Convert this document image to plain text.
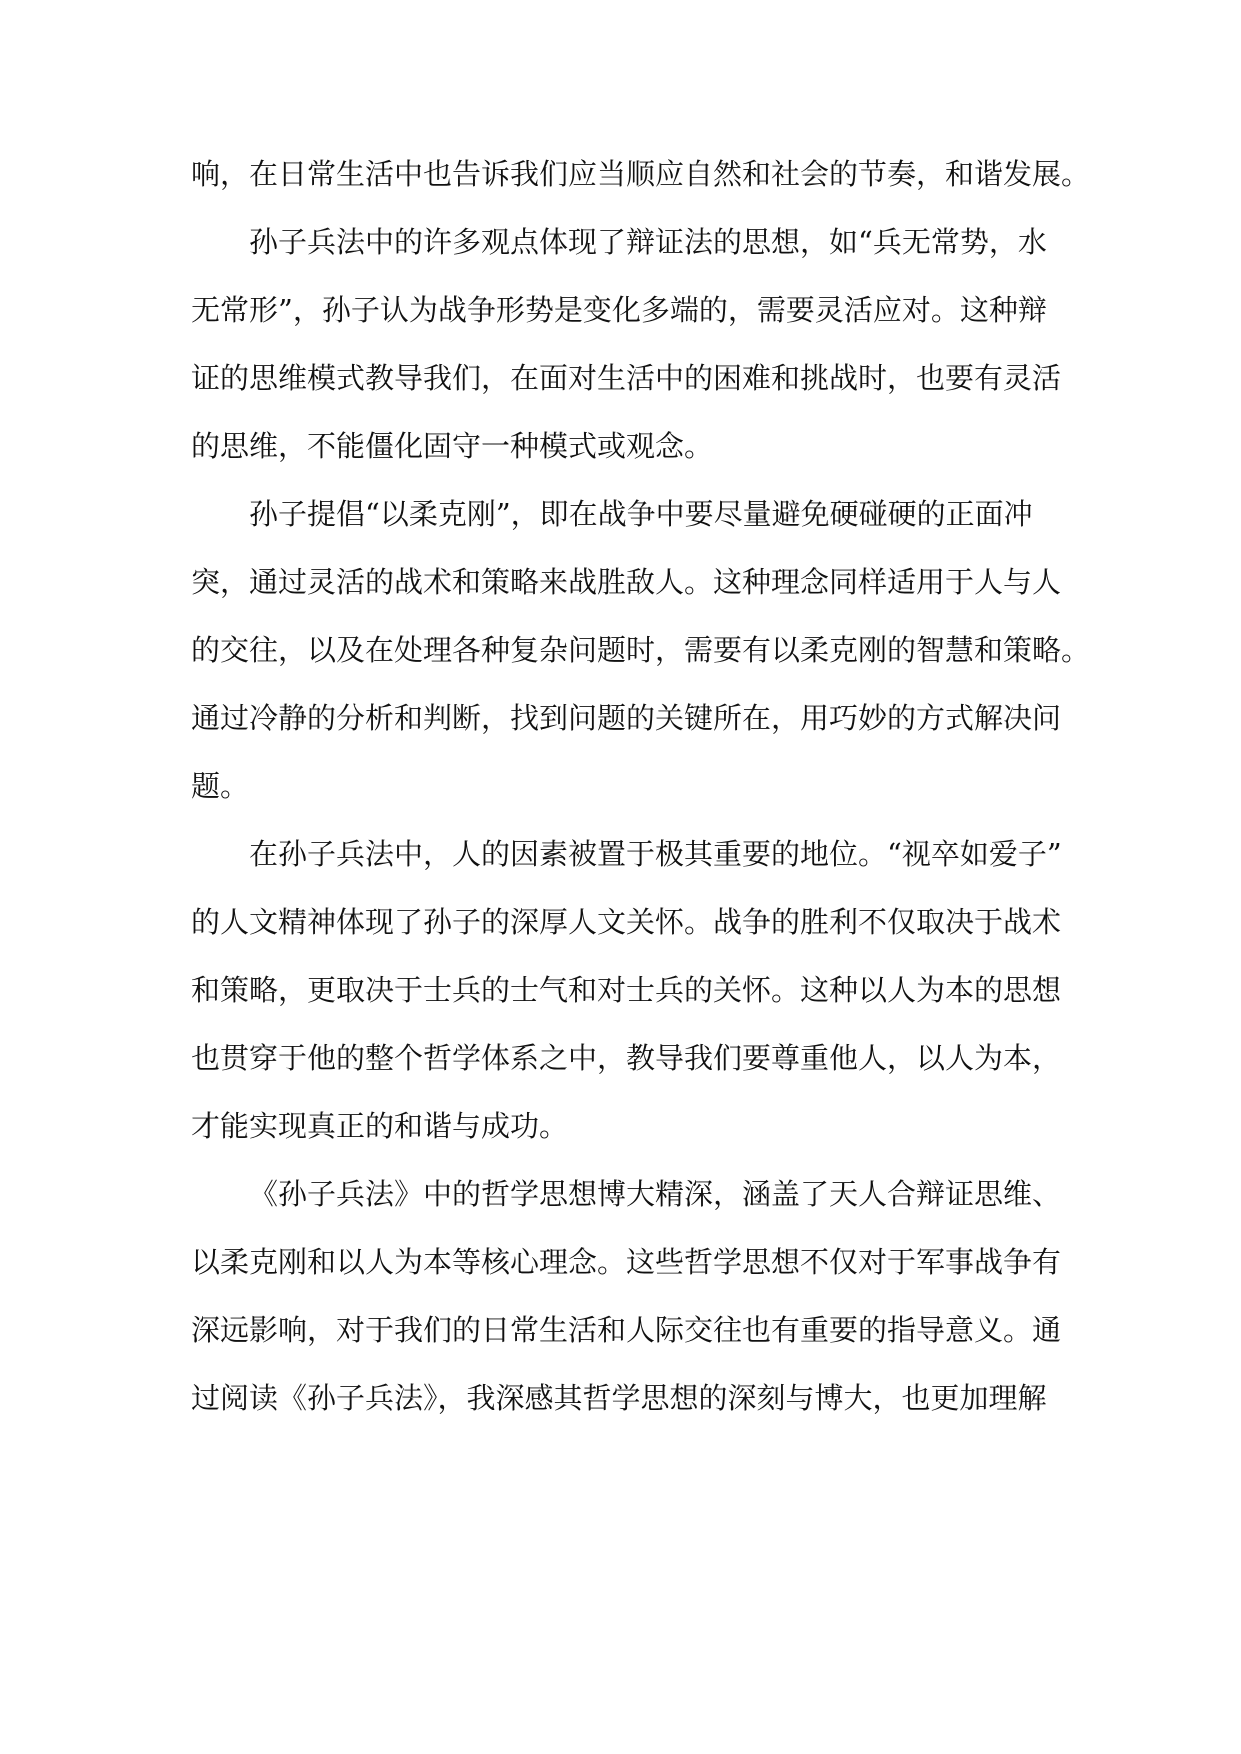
响，在日常生活中也告诉我们应当顺应自然和社会的节奏，和谐发展。

孙子兵法中的许多观点体现了辩证法的思想，如“兵无常势，水
无常形”，孙子认为战争形势是变化多端的，需要灵活应对。这种辩
证的思维模式教导我们，在面对生活中的困难和挑战时，也要有灵活
的思维，不能僵化固守一种模式或观念。

孙子提倡“以柔克刚”，即在战争中要尽量避免硬碰硬的正面冲
突，通过灵活的战术和策略来战胜敌人。这种理念同样适用于人与人
的交往，以及在处理各种复杂问题时，需要有以柔克刚的智慧和策略。
通过冷静的分析和判断，找到问题的关键所在，用巧妙的方式解决问
题。

在孙子兵法中，人的因素被置于极其重要的地位。“视卒如爱子”
的人文精神体现了孙子的深厚人文关怀。战争的胜利不仅取决于战术
和策略，更取决于士兵的士气和对士兵的关怀。这种以人为本的思想
也贯穿于他的整个哲学体系之中，教导我们要尊重他人，以人为本，
才能实现真正的和谐与成功。

《孙子兵法》中的哲学思想博大精深，涵盖了天人合辩证思维、
以柔克刚和以人为本等核心理念。这些哲学思想不仅对于军事战争有
深远影响，对于我们的日常生活和人际交往也有重要的指导意义。通
过阅读《孙子兵法》，我深感其哲学思想的深刻与博大，也更加理解
